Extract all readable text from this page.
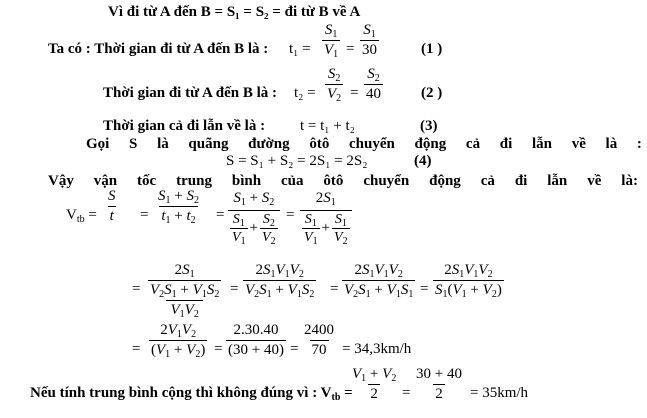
Vì đi từ A đến B = S₁ = S₂ = đi từ B về A
Ta có : Thời gian đi từ A đến B là : t₁ =
$S_1$
$V_1$ =
$S_1$
30	(1 )
Thời gian đi từ A đến B là : t₂ =
$S_2$
$V_2$ =
$S_2$
40	(2 )
Thời gian cả đi lẫn về là : t = t₁ + t₂	(3)
Gọi S là quãng đường ôtô chuyển động cả đi lẫn về là :
S = S₁ + S₂ = 2S₁ = 2S₂	(4)
Vậy vận tốc trung bình của ôtô chuyển động cả đi lẫn về là:
$V_{tb}$ =
S
t =
$S_1 + S_2$
$t_1 + t_2$ =
$S_1 + S_2$
$S_1$
$V_1$
+ $\frac{S_2}{V_2}$ =
$2S_1$
$S_1$
$V_1$
+ $\frac{S_1}{V_2}$
=
$2S_1$
$V_2S_1 + V_1S_2$
$V_1V_2$
=
$2S_1V_1V_2$
$V_2S_1 + V_1S_2$ =
$2S_1V_1V_2$
$V_2S_1 + V_1S_1$ =
$2S_1V_1V_2$
$S_1(V_1 + V_2)$
=
$2V_1V_2$
$(V_1 + V_2)$ =
2.30.40
(30 + 40) =
2400
70 = 34,3km/h
Nếu tính trung bình cộng thì không đúng vì : $V_{tb}$ =
$V_1 + V_2$
2 =
30 + 40
2 = 35km/h
